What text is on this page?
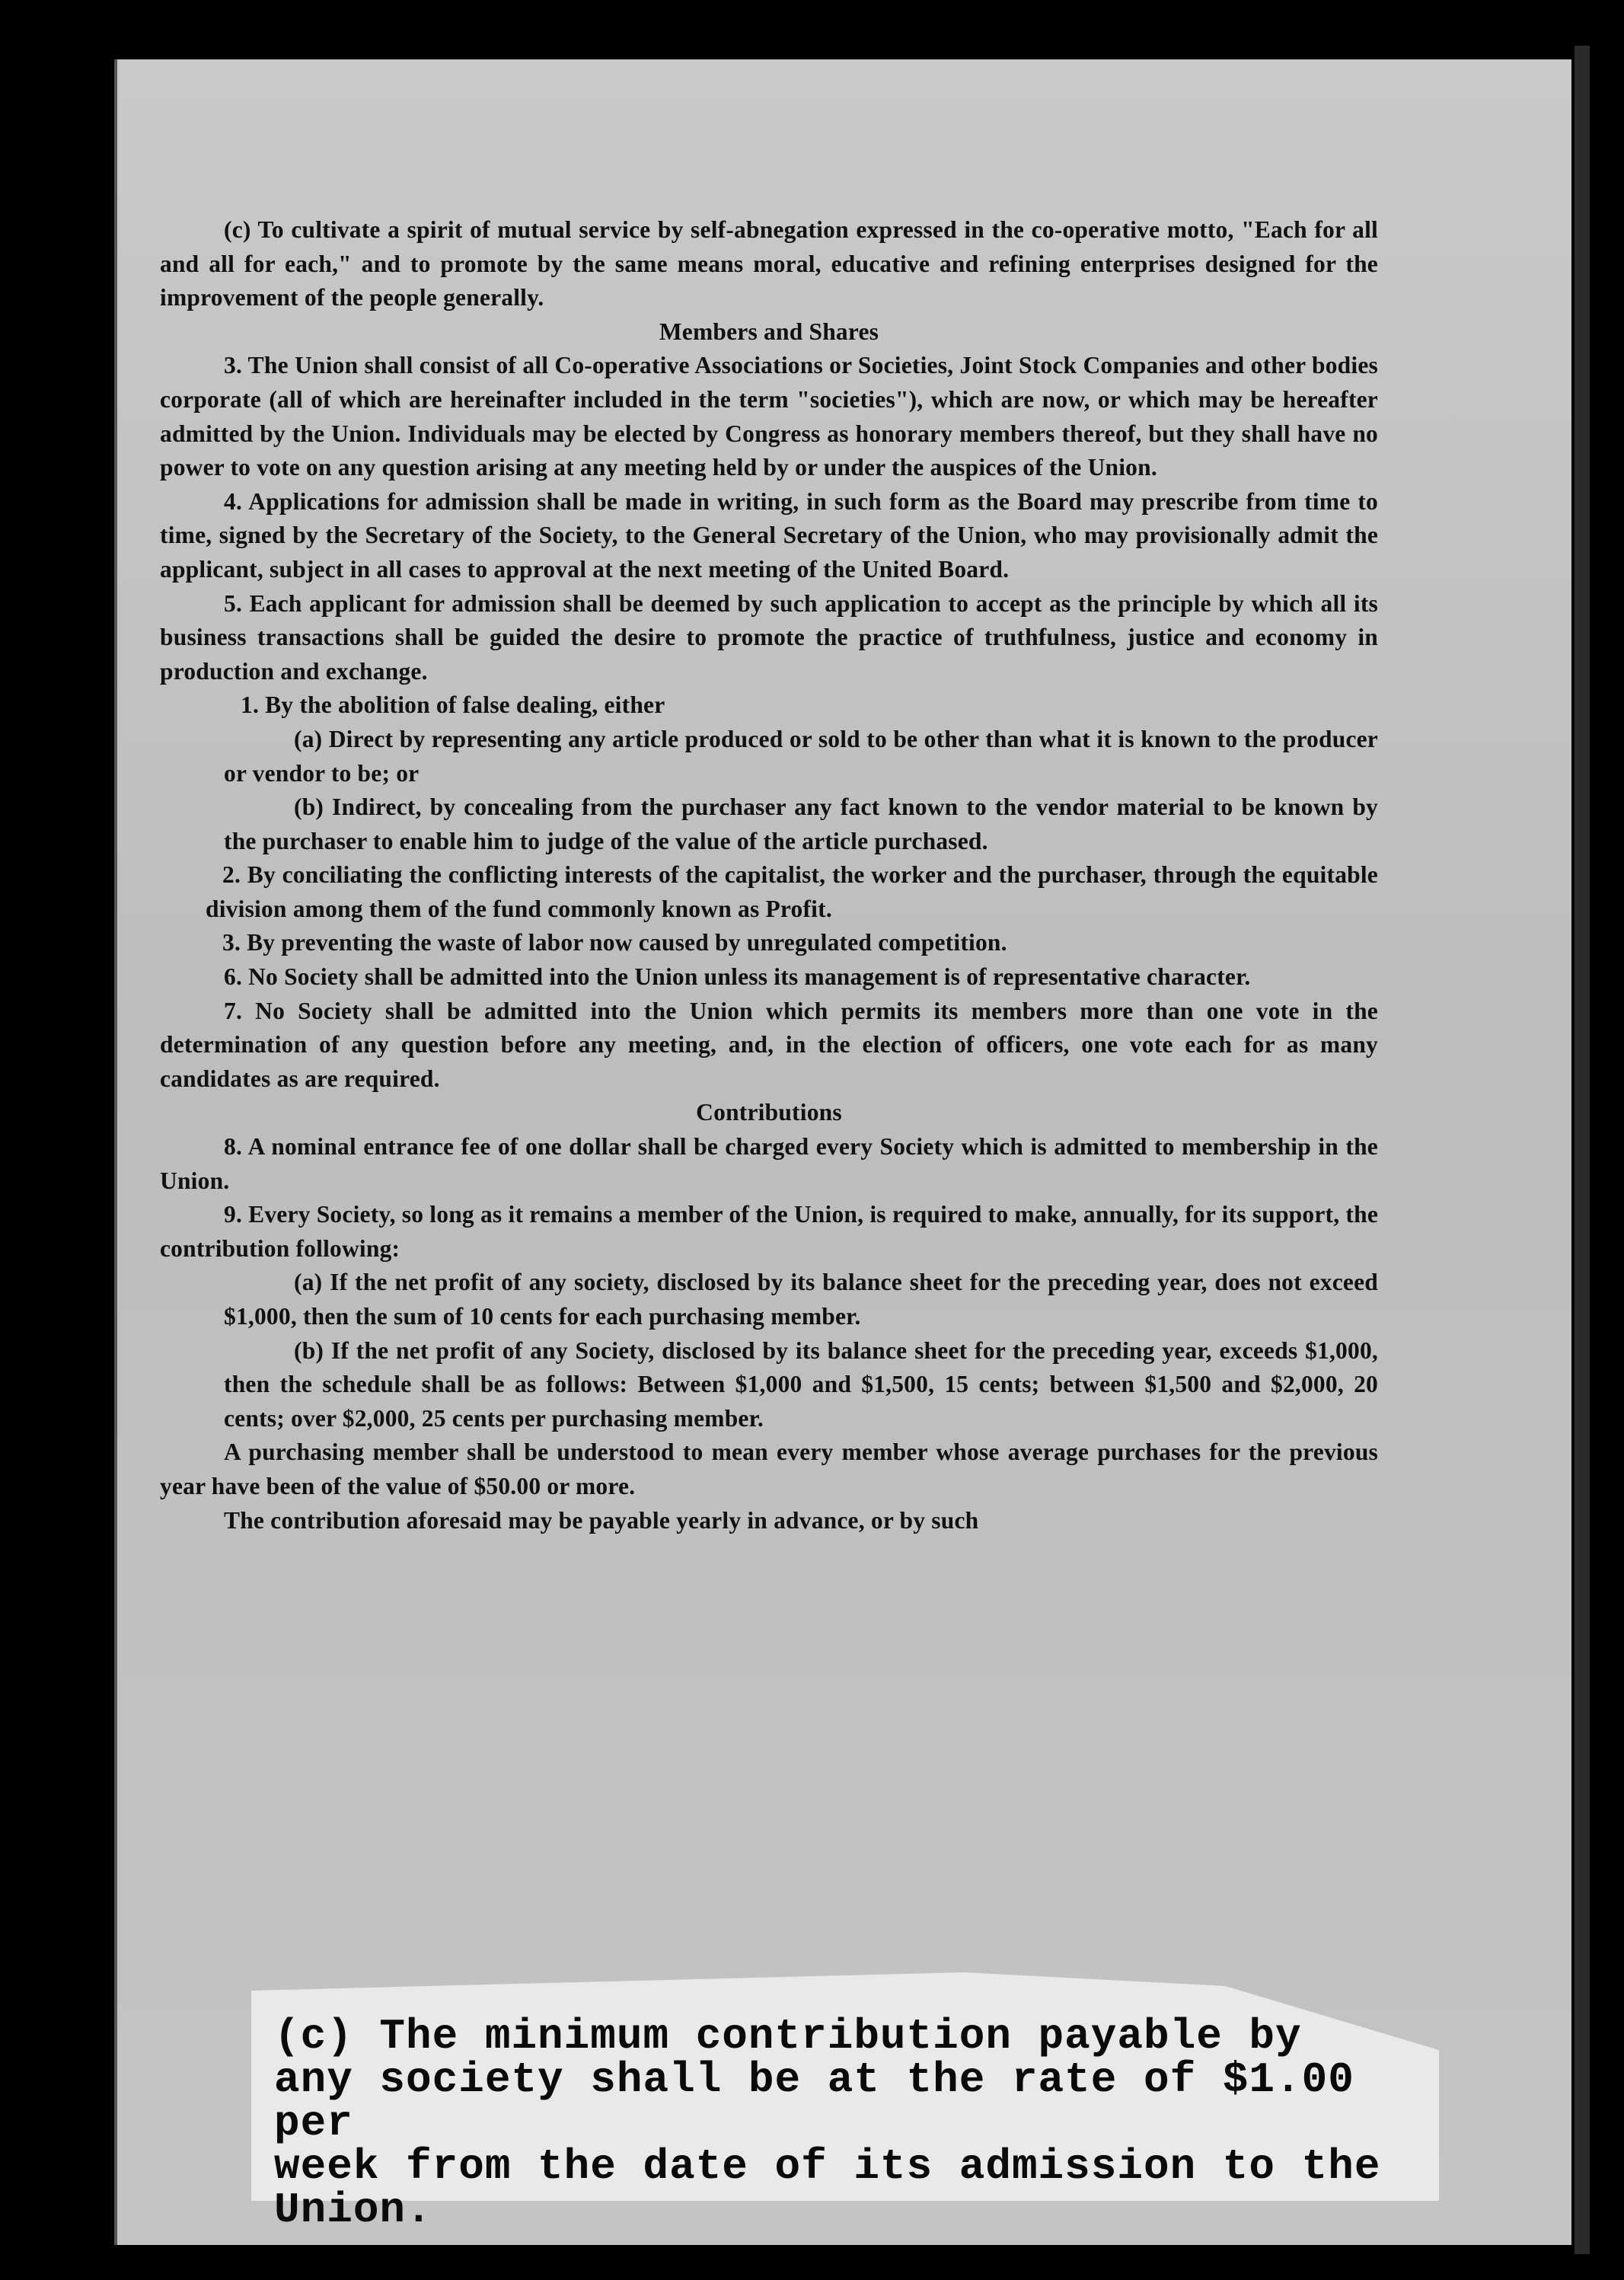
(c) To cultivate a spirit of mutual service by self-abnegation expressed in the co-operative motto, "Each for all and all for each," and to promote by the same means moral, educative and refining enterprises designed for the improvement of the people generally.

Members and Shares

3. The Union shall consist of all Co-operative Associations or Societies, Joint Stock Companies and other bodies corporate (all of which are hereinafter included in the term "societies"), which are now, or which may be hereafter admitted by the Union. Individuals may be elected by Congress as honorary members thereof, but they shall have no power to vote on any question arising at any meeting held by or under the auspices of the Union.

4. Applications for admission shall be made in writing, in such form as the Board may prescribe from time to time, signed by the Secretary of the Society, to the General Secretary of the Union, who may provisionally admit the applicant, subject in all cases to approval at the next meeting of the United Board.

5. Each applicant for admission shall be deemed by such application to accept as the principle by which all its business transactions shall be guided the desire to promote the practice of truthfulness, justice and economy in production and exchange.

1. By the abolition of false dealing, either

(a) Direct by representing any article produced or sold to be other than what it is known to the producer or vendor to be; or

(b) Indirect, by concealing from the purchaser any fact known to the vendor material to be known by the purchaser to enable him to judge of the value of the article purchased.

2. By conciliating the conflicting interests of the capitalist, the worker and the purchaser, through the equitable division among them of the fund commonly known as Profit.

3. By preventing the waste of labor now caused by unregulated competition.

6. No Society shall be admitted into the Union unless its management is of representative character.

7. No Society shall be admitted into the Union which permits its members more than one vote in the determination of any question before any meeting, and, in the election of officers, one vote each for as many candidates as are required.

Contributions

8. A nominal entrance fee of one dollar shall be charged every Society which is admitted to membership in the Union.

9. Every Society, so long as it remains a member of the Union, is required to make, annually, for its support, the contribution following:

(a) If the net profit of any society, disclosed by its balance sheet for the preceding year, does not exceed $1,000, then the sum of 10 cents for each purchasing member.

(b) If the net profit of any Society, disclosed by its balance sheet for the preceding year, exceeds $1,000, then the schedule shall be as follows: Between $1,000 and $1,500, 15 cents; between $1,500 and $2,000, 20 cents; over $2,000, 25 cents per purchasing member.

A purchasing member shall be understood to mean every member whose average purchases for the previous year have been of the value of $50.00 or more.

The contribution aforesaid may be payable yearly in advance, or by such

(c) The minimum contribution payable by

any society shall be at the rate of $1.00 per

week from the date of its admission to the

Union.
